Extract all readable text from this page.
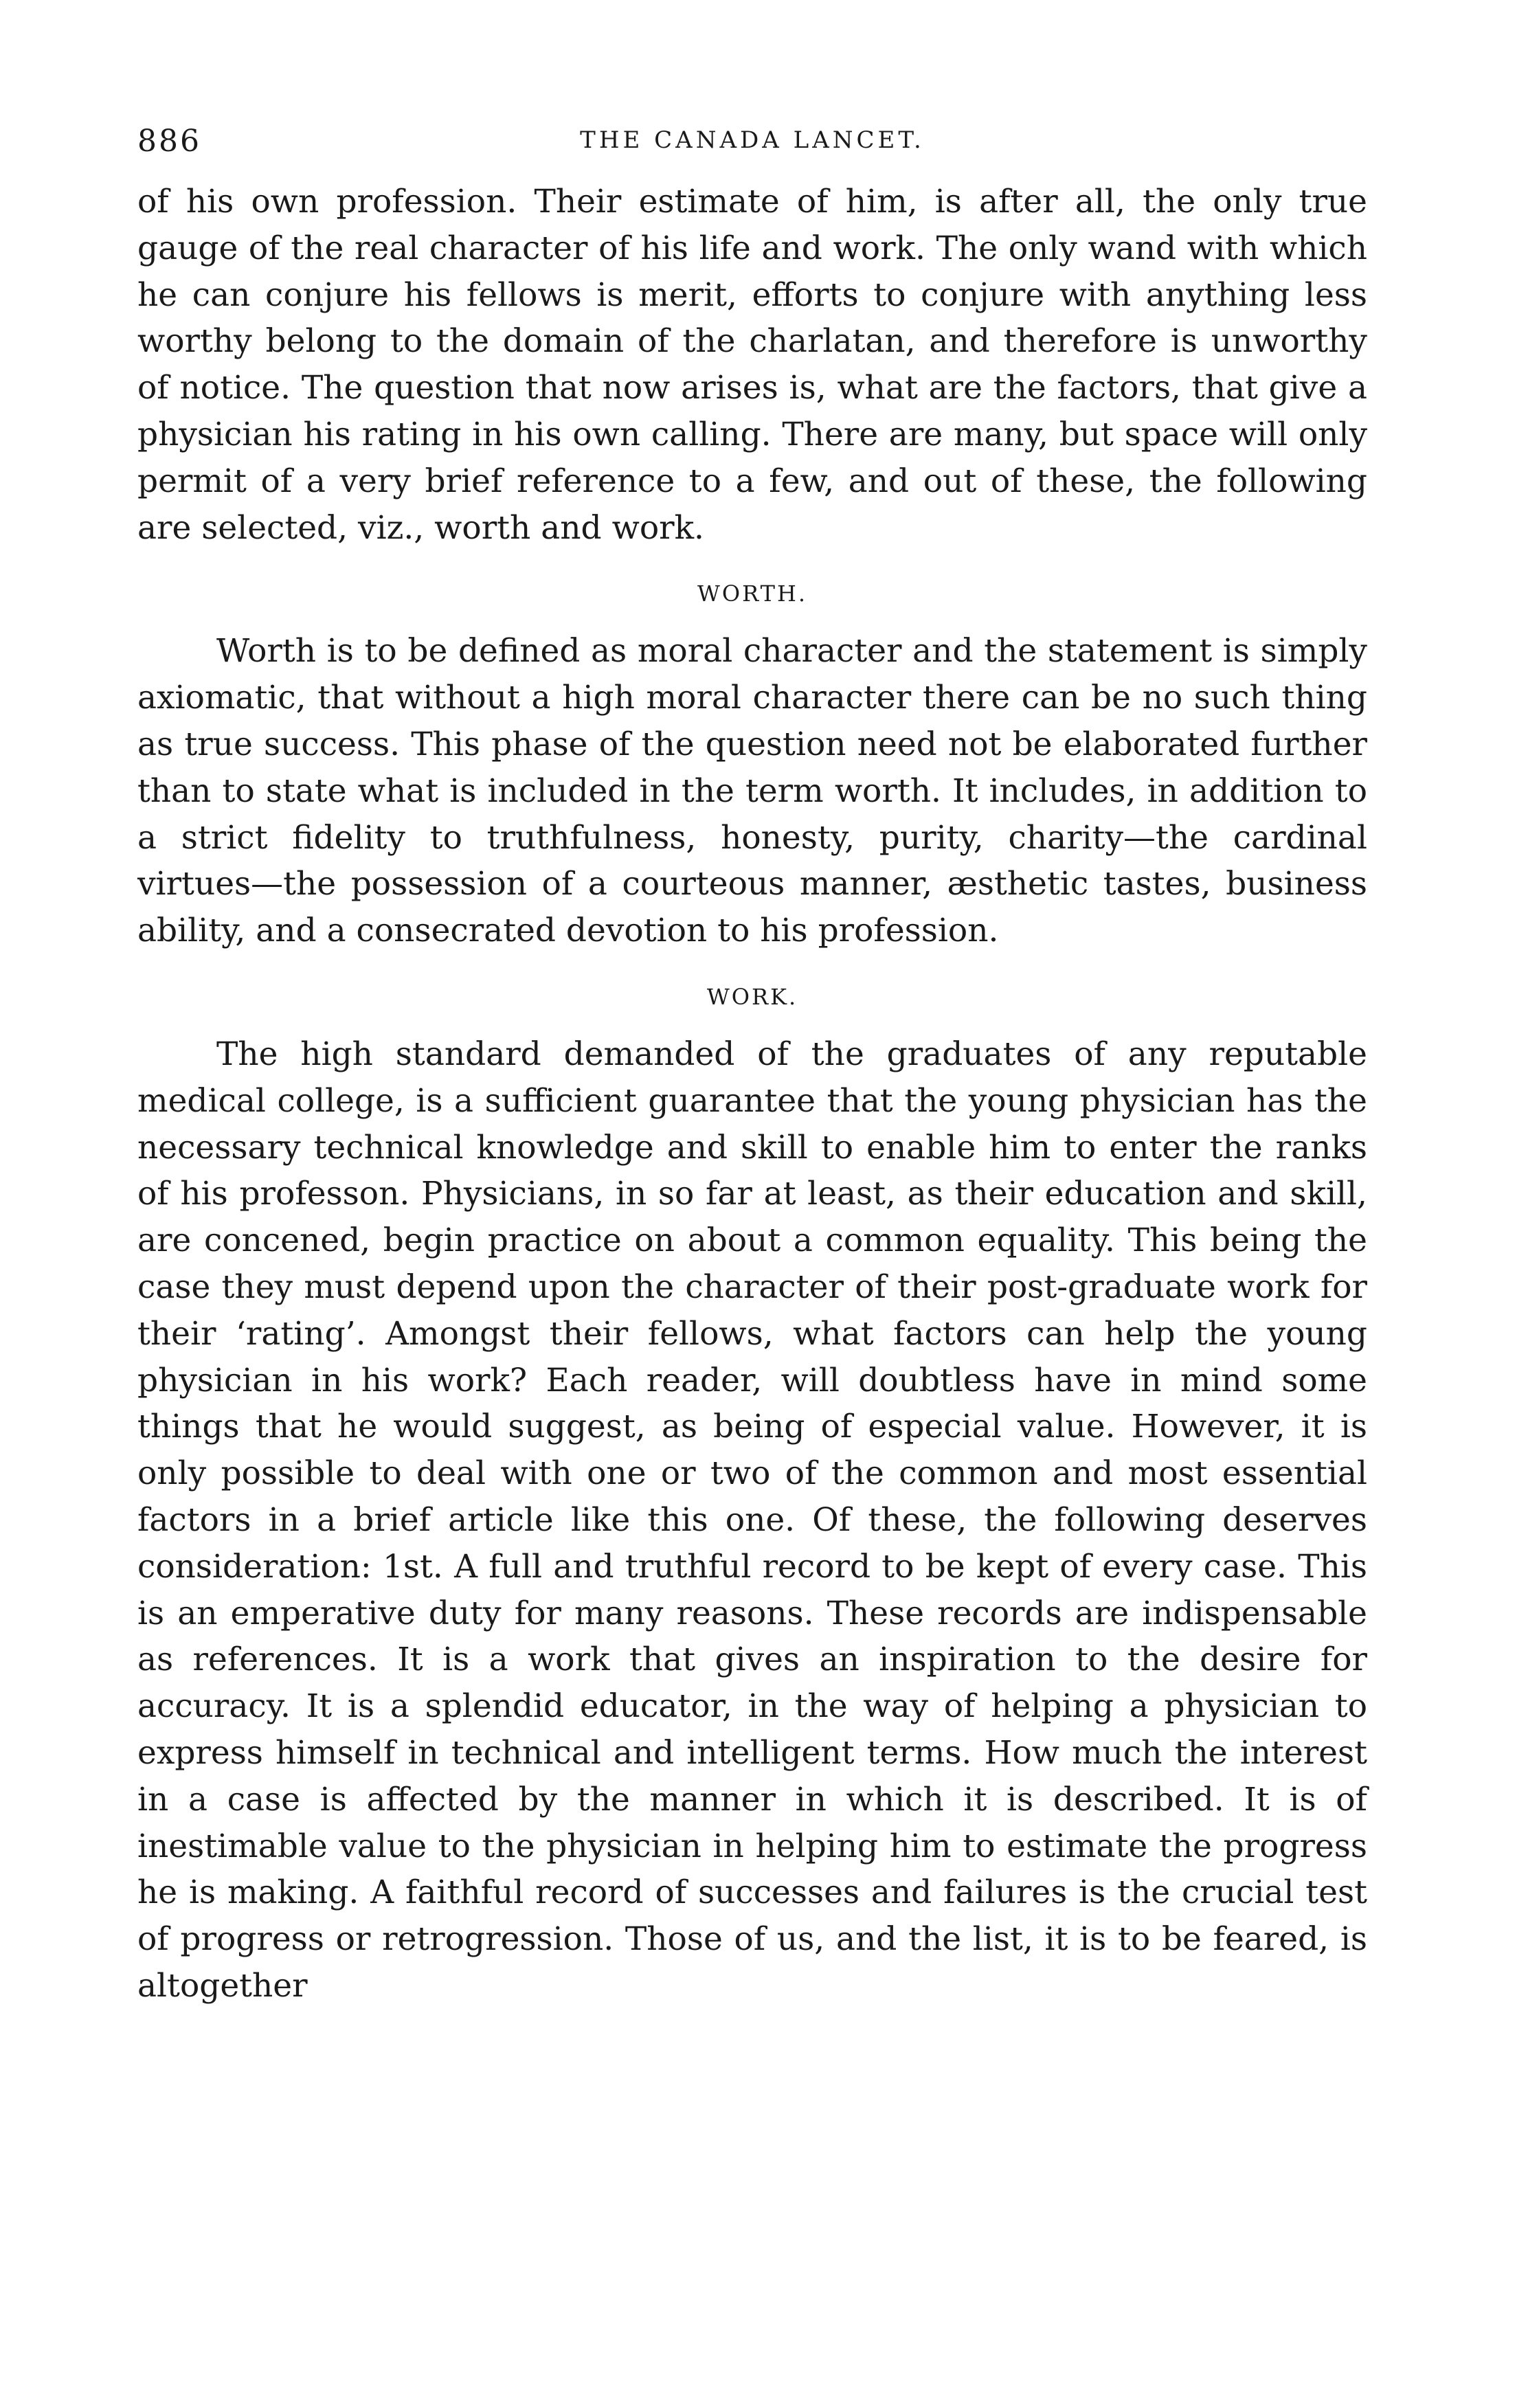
886	THE CANADA LANCET.

of his own profession. Their estimate of him, is after all, the only true gauge of the real character of his life and work. The only wand with which he can conjure his fellows is merit, efforts to conjure with anything less worthy belong to the domain of the charlatan, and therefore is unworthy of notice. The question that now arises is, what are the factors, that give a physician his rating in his own calling. There are many, but space will only permit of a very brief reference to a few, and out of these, the following are selected, viz., worth and work.

WORTH.

Worth is to be defined as moral character and the statement is simply axiomatic, that without a high moral character there can be no such thing as true success. This phase of the question need not be elaborated further than to state what is included in the term worth. It includes, in addition to a strict fidelity to truthfulness, honesty, purity, charity—the cardinal virtues—the possession of a courteous manner, æsthetic tastes, business ability, and a consecrated devotion to his profession.

WORK.

The high standard demanded of the graduates of any reputable medical college, is a sufficient guarantee that the young physician has the necessary technical knowledge and skill to enable him to enter the ranks of his professon. Physicians, in so far at least, as their education and skill, are concened, begin practice on about a common equality. This being the case they must depend upon the character of their post-graduate work for their ‘rating’. Amongst their fellows, what factors can help the young physician in his work? Each reader, will doubtless have in mind some things that he would suggest, as being of especial value. However, it is only possible to deal with one or two of the common and most essential factors in a brief article like this one. Of these, the following deserves consideration: 1st. A full and truthful record to be kept of every case. This is an emperative duty for many reasons. These records are indispensable as references. It is a work that gives an inspiration to the desire for accuracy. It is a splendid educator, in the way of helping a physician to express himself in technical and intelligent terms. How much the interest in a case is affected by the manner in which it is described. It is of inestimable value to the physician in helping him to estimate the progress he is making. A faithful record of successes and failures is the crucial test of progress or retrogression. Those of us, and the list, it is to be feared, is altogether
